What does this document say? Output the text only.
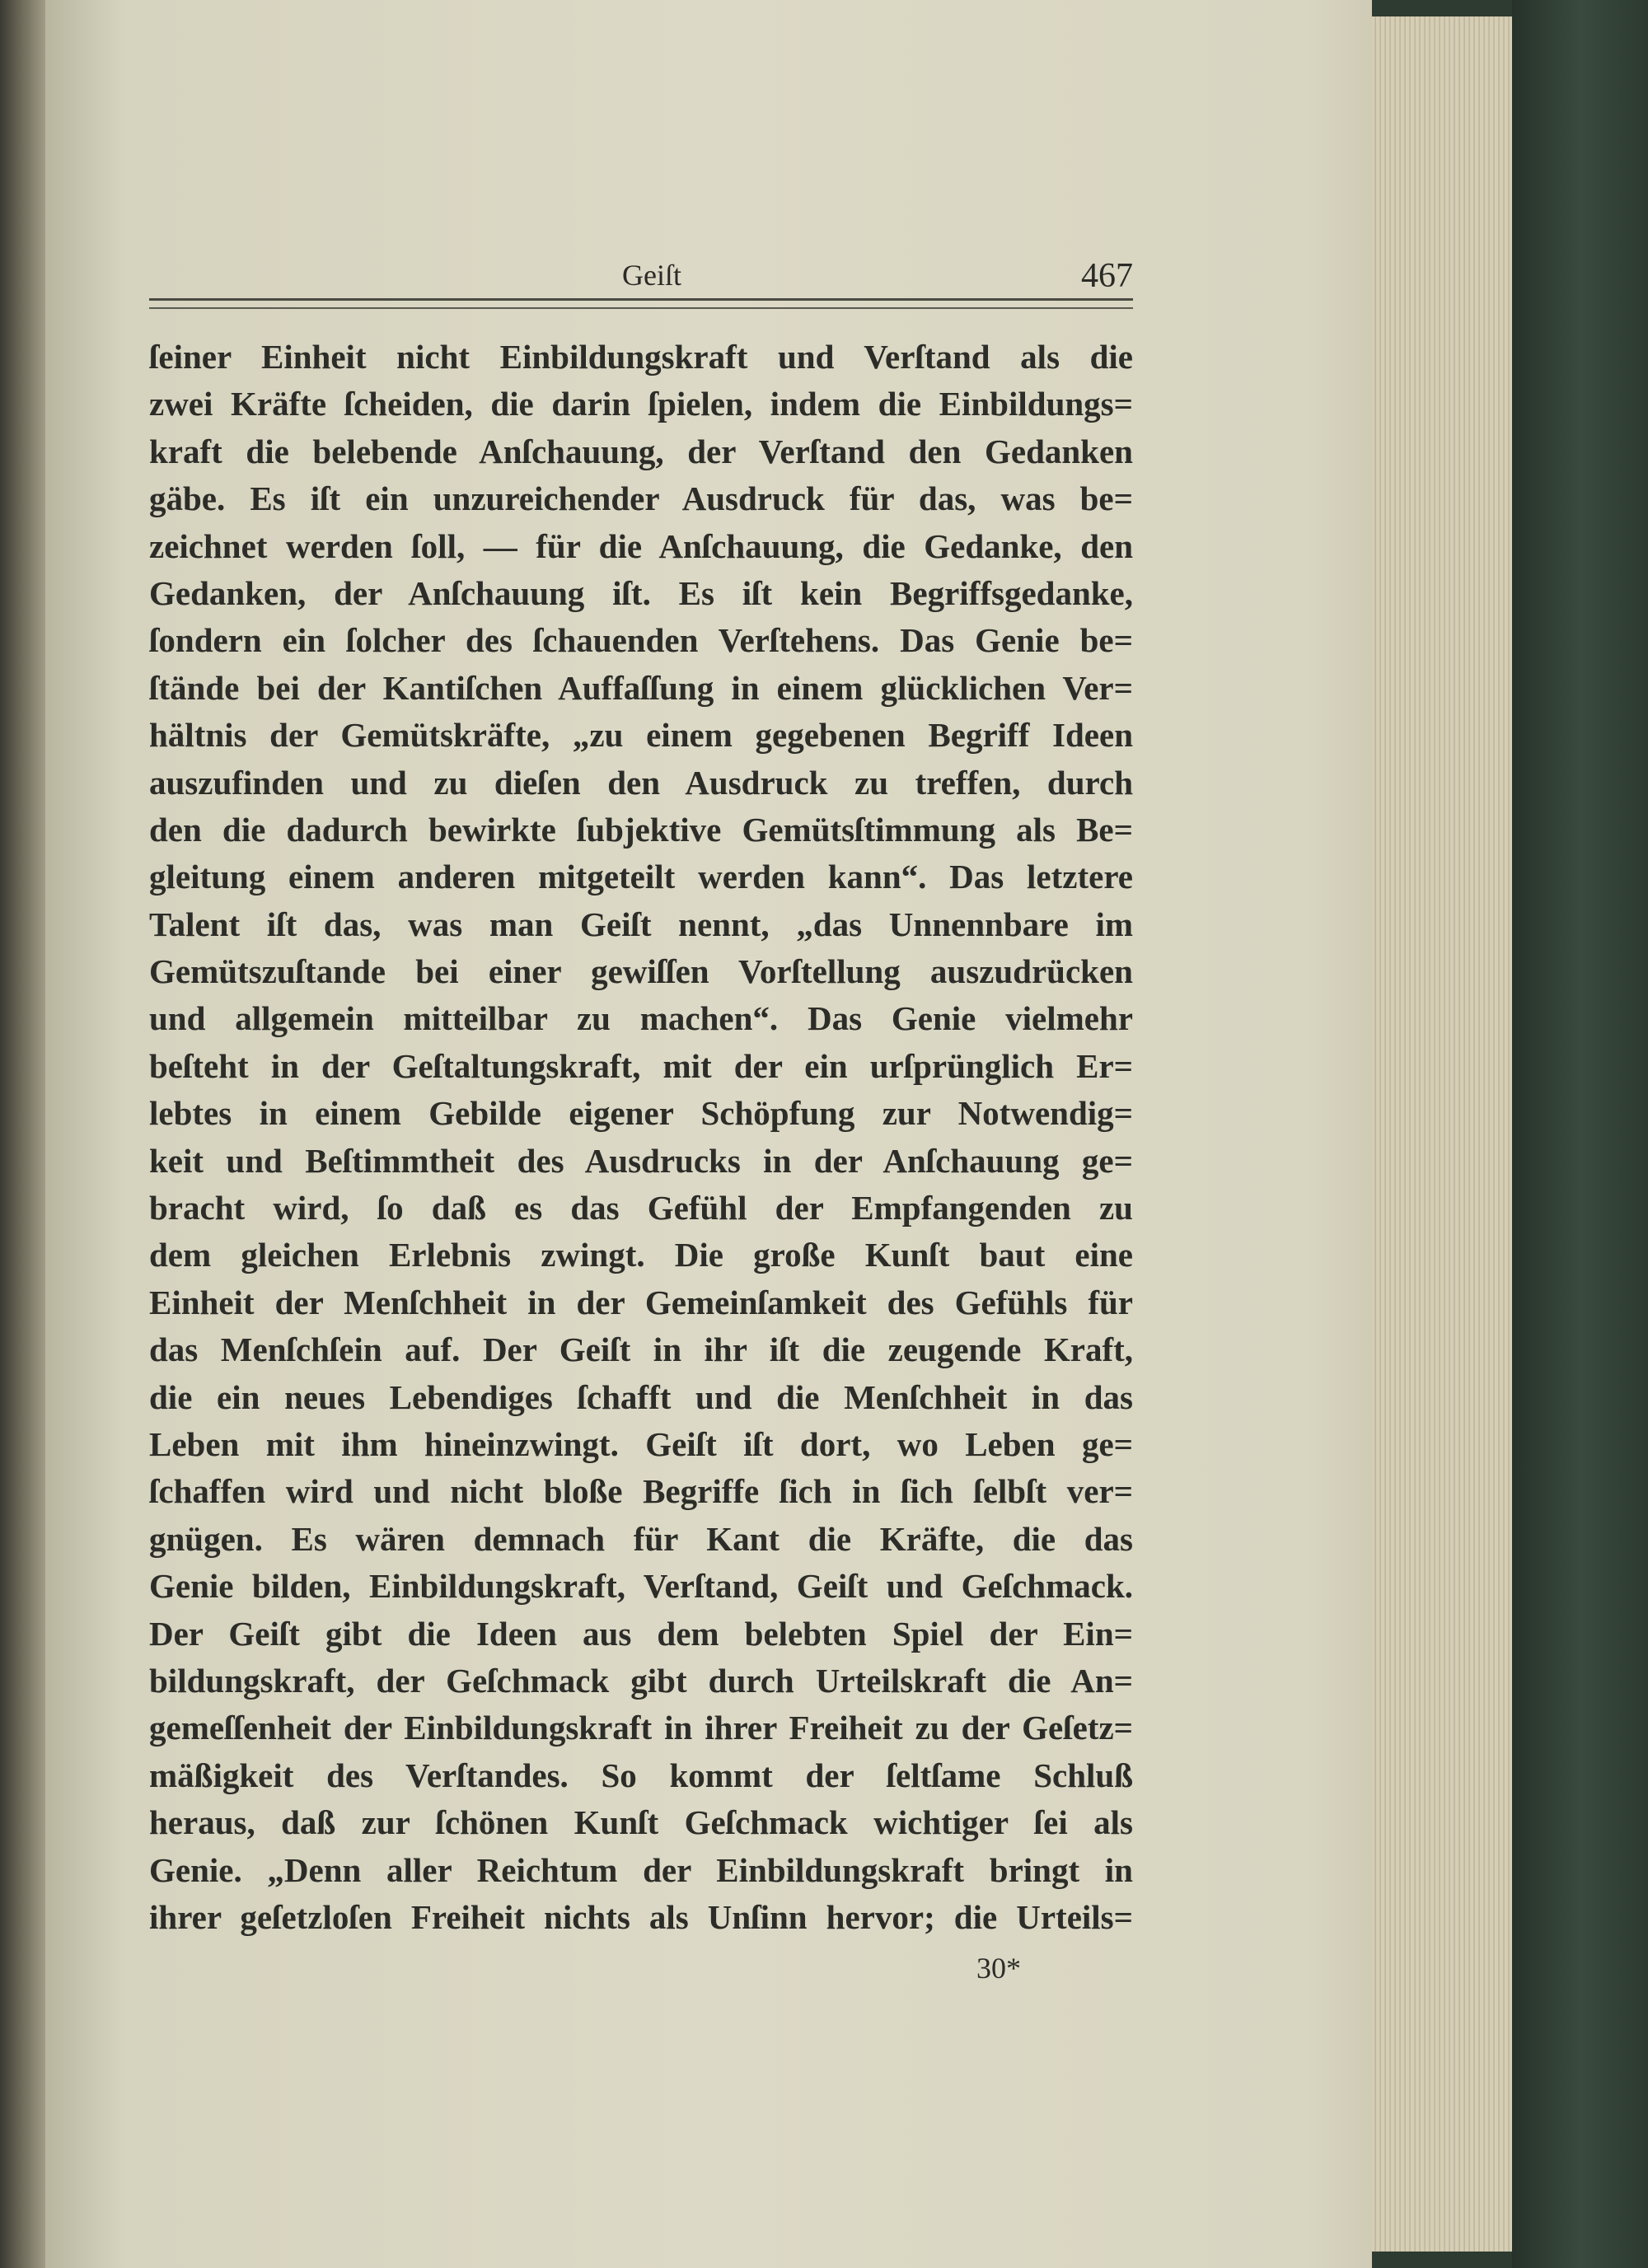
Geiſt	467
ſeiner Einheit nicht Einbildungskraft und Verſtand als die
zwei Kräfte ſcheiden, die darin ſpielen, indem die Einbildungs=
kraft die belebende Anſchauung, der Verſtand den Gedanken
gäbe. Es iſt ein unzureichender Ausdruck für das, was be=
zeichnet werden ſoll, — für die Anſchauung, die Gedanke, den
Gedanken, der Anſchauung iſt. Es iſt kein Begriffsgedanke,
ſondern ein ſolcher des ſchauenden Verſtehens. Das Genie be=
ſtände bei der Kantiſchen Auffaſſung in einem glücklichen Ver=
hältnis der Gemütskräfte, „zu einem gegebenen Begriff Ideen
auszufinden und zu dieſen den Ausdruck zu treffen, durch
den die dadurch bewirkte ſubjektive Gemütsſtimmung als Be=
gleitung einem anderen mitgeteilt werden kann“. Das letztere
Talent iſt das, was man Geiſt nennt, „das Unnennbare im
Gemütszuſtande bei einer gewiſſen Vorſtellung auszudrücken
und allgemein mitteilbar zu machen“. Das Genie vielmehr
beſteht in der Geſtaltungskraft, mit der ein urſprünglich Er=
lebtes in einem Gebilde eigener Schöpfung zur Notwendig=
keit und Beſtimmtheit des Ausdrucks in der Anſchauung ge=
bracht wird, ſo daß es das Gefühl der Empfangenden zu
dem gleichen Erlebnis zwingt. Die große Kunſt baut eine
Einheit der Menſchheit in der Gemeinſamkeit des Gefühls für
das Menſchſein auf. Der Geiſt in ihr iſt die zeugende Kraft,
die ein neues Lebendiges ſchafft und die Menſchheit in das
Leben mit ihm hineinzwingt. Geiſt iſt dort, wo Leben ge=
ſchaffen wird und nicht bloße Begriffe ſich in ſich ſelbſt ver=
gnügen. Es wären demnach für Kant die Kräfte, die das
Genie bilden, Einbildungskraft, Verſtand, Geiſt und Geſchmack.
Der Geiſt gibt die Ideen aus dem belebten Spiel der Ein=
bildungskraft, der Geſchmack gibt durch Urteilskraft die An=
gemeſſenheit der Einbildungskraft in ihrer Freiheit zu der Geſetz=
mäßigkeit des Verſtandes. So kommt der ſeltſame Schluß
heraus, daß zur ſchönen Kunſt Geſchmack wichtiger ſei als
Genie. „Denn aller Reichtum der Einbildungskraft bringt in
ihrer geſetzloſen Freiheit nichts als Unſinn hervor; die Urteils=
30*
